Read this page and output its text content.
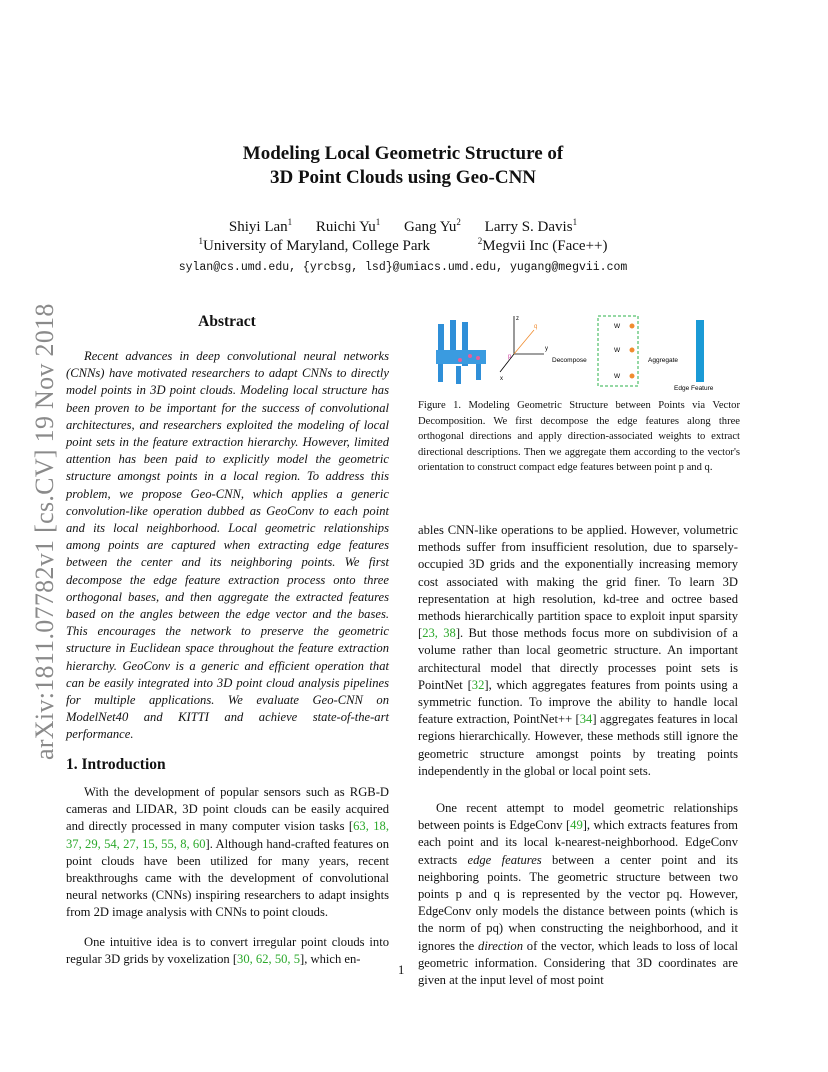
arXiv:1811.07782v1 [cs.CV] 19 Nov 2018
Modeling Local Geometric Structure of
3D Point Clouds using Geo-CNN
Shiyi Lan$^1$ Ruichi Yu$^1$ Gang Yu$^2$ Larry S. Davis$^1$
$^1$University of Maryland, College Park	$^2$Megvii Inc (Face++)
sylan@cs.umd.edu, {yrcbsg, lsd}@umiacs.umd.edu, yugang@megvii.com
Abstract
Recent advances in deep convolutional neural networks (CNNs) have motivated researchers to adapt CNNs to directly model points in 3D point clouds. Modeling local structure has been proven to be important for the success of convolutional architectures, and researchers exploited the modeling of local point sets in the feature extraction hierarchy. However, limited attention has been paid to explicitly model the geometric structure amongst points in a local region. To address this problem, we propose Geo-CNN, which applies a generic convolution-like operation dubbed as GeoConv to each point and its local neighborhood. Local geometric relationships among points are captured when extracting edge features between the center and its neighboring points. We first decompose the edge feature extraction process onto three orthogonal bases, and then aggregate the extracted features based on the angles between the edge vector and the bases. This encourages the network to preserve the geometric structure in Euclidean space throughout the feature extraction hierarchy. GeoConv is a generic and efficient operation that can be easily integrated into 3D point cloud analysis pipelines for multiple applications. We evaluate Geo-CNN on ModelNet40 and KITTI and achieve state-of-the-art performance.
z
y
x
p
q
Decompose
W
W
W
Aggregate
Edge Feature
Figure 1. Modeling Geometric Structure between Points via Vector Decomposition. We first decompose the edge features along three orthogonal directions and apply direction-associated weights to extract directional descriptions. Then we aggregate them according to the vector's orientation to construct compact edge features between point p and q.
1. Introduction
With the development of popular sensors such as RGB-D cameras and LIDAR, 3D point clouds can be easily acquired and directly processed in many computer vision tasks [63, 18, 37, 29, 54, 27, 15, 55, 8, 60]. Although hand-crafted features on point clouds have been utilized for many years, recent breakthroughs came with the development of convolutional neural networks (CNNs) inspiring researchers to adapt insights from 2D image analysis with CNNs to point clouds.
One intuitive idea is to convert irregular point clouds into regular 3D grids by voxelization [30, 62, 50, 5], which en-
ables CNN-like operations to be applied. However, volumetric methods suffer from insufficient resolution, due to sparsely-occupied 3D grids and the exponentially increasing memory cost associated with making the grid finer. To learn 3D representation at high resolution, kd-tree and octree based methods hierarchically partition space to exploit input sparsity [23, 38]. But those methods focus more on subdivision of a volume rather than local geometric structure. An important architectural model that directly processes point sets is PointNet [32], which aggregates features from points using a symmetric function. To improve the ability to handle local feature extraction, PointNet++ [34] aggregates features in local regions hierarchically. However, these methods still ignore the geometric structure amongst points by treating points independently in the global or local point sets.
One recent attempt to model geometric relationships between points is EdgeConv [49], which extracts features from each point and its local k-nearest-neighborhood. EdgeConv extracts edge features between a center point and its neighboring points. The geometric structure between two points p and q is represented by the vector pq. However, EdgeConv only models the distance between points (which is the norm of pq) when constructing the neighborhood, and it ignores the direction of the vector, which leads to loss of local geometric information. Considering that 3D coordinates are given at the input level of most point
1
